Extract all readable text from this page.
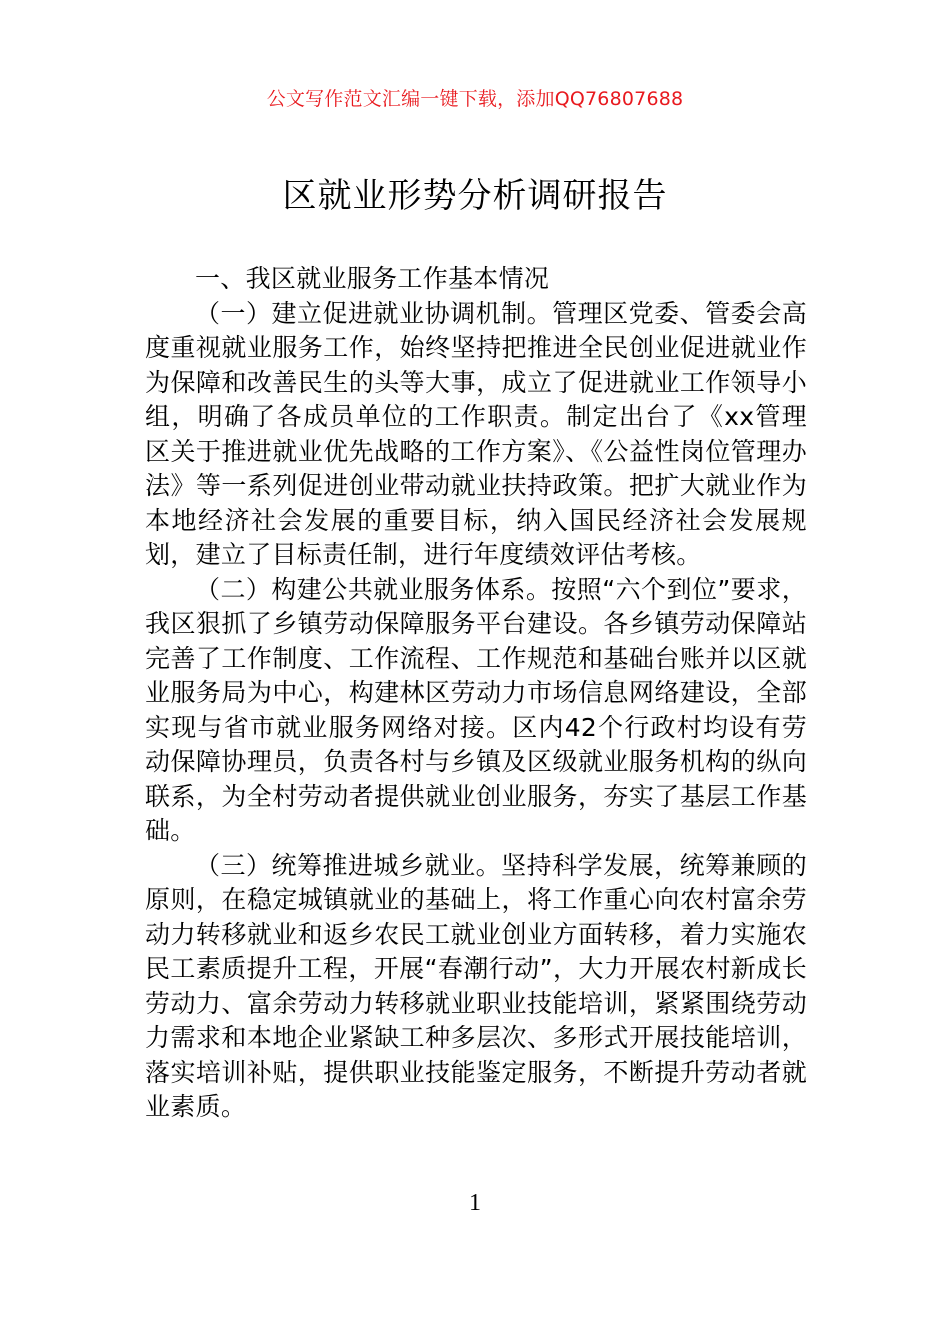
公文写作范文汇编一键下载，添加QQ76807688
区就业形势分析调研报告

一、我区就业服务工作基本情况

（一）建立促进就业协调机制。管理区党委、管委会高度重视就业服务工作，始终坚持把推进全民创业促进就业作为保障和改善民生的头等大事，成立了促进就业工作领导小组，明确了各成员单位的工作职责。制定出台了《xx管理区关于推进就业优先战略的工作方案》、《公益性岗位管理办法》等一系列促进创业带动就业扶持政策。把扩大就业作为本地经济社会发展的重要目标，纳入国民经济社会发展规划，建立了目标责任制，进行年度绩效评估考核。

（二）构建公共就业服务体系。按照“六个到位”要求，我区狠抓了乡镇劳动保障服务平台建设。各乡镇劳动保障站完善了工作制度、工作流程、工作规范和基础台账并以区就业服务局为中心，构建林区劳动力市场信息网络建设，全部实现与省市就业服务网络对接。区内42个行政村均设有劳动保障协理员，负责各村与乡镇及区级就业服务机构的纵向联系，为全村劳动者提供就业创业服务，夯实了基层工作基础。

（三）统筹推进城乡就业。坚持科学发展，统筹兼顾的原则，在稳定城镇就业的基础上，将工作重心向农村富余劳动力转移就业和返乡农民工就业创业方面转移，着力实施农民工素质提升工程，开展“春潮行动”，大力开展农村新成长劳动力、富余劳动力转移就业职业技能培训，紧紧围绕劳动力需求和本地企业紧缺工种多层次、多形式开展技能培训，落实培训补贴，提供职业技能鉴定服务，不断提升劳动者就业素质。

1
